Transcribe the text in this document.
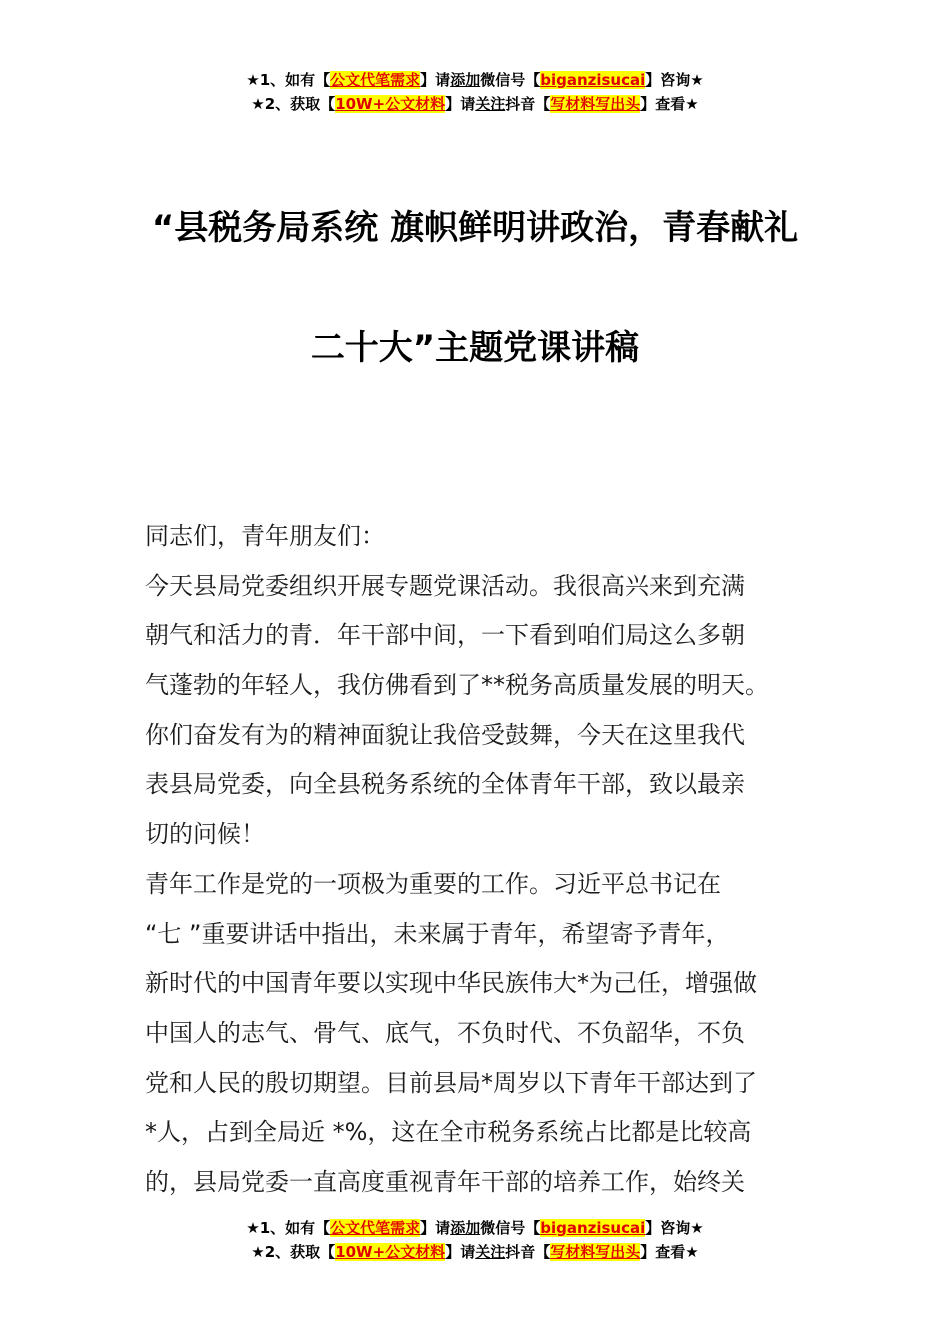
★1、如有【公文代笔需求】请添加微信号【biganzisucai】咨询★
★2、获取【10W+公文材料】请关注抖音【写材料写出头】查看★
“县税务局系统 旗帜鲜明讲政治，青春献礼
二十大”主题党课讲稿
同志们，青年朋友们：
今天县局党委组织开展专题党课活动。我很高兴来到充满
朝气和活力的青．年干部中间，一下看到咱们局这么多朝
气蓬勃的年轻人，我仿佛看到了**税务高质量发展的明天。
你们奋发有为的精神面貌让我倍受鼓舞，今天在这里我代
表县局党委，向全县税务系统的全体青年干部，致以最亲
切的问候！
青年工作是党的一项极为重要的工作。习近平总书记在
“七 ”重要讲话中指出，未来属于青年，希望寄予青年，
新时代的中国青年要以实现中华民族伟大*为己任，增强做
中国人的志气、骨气、底气，不负时代、不负韶华，不负
党和人民的殷切期望。目前县局*周岁以下青年干部达到了
*人，占到全局近 *%，这在全市税务系统占比都是比较高
的，县局党委一直高度重视青年干部的培养工作，始终关
★1、如有【公文代笔需求】请添加微信号【biganzisucai】咨询★
★2、获取【10W+公文材料】请关注抖音【写材料写出头】查看★
